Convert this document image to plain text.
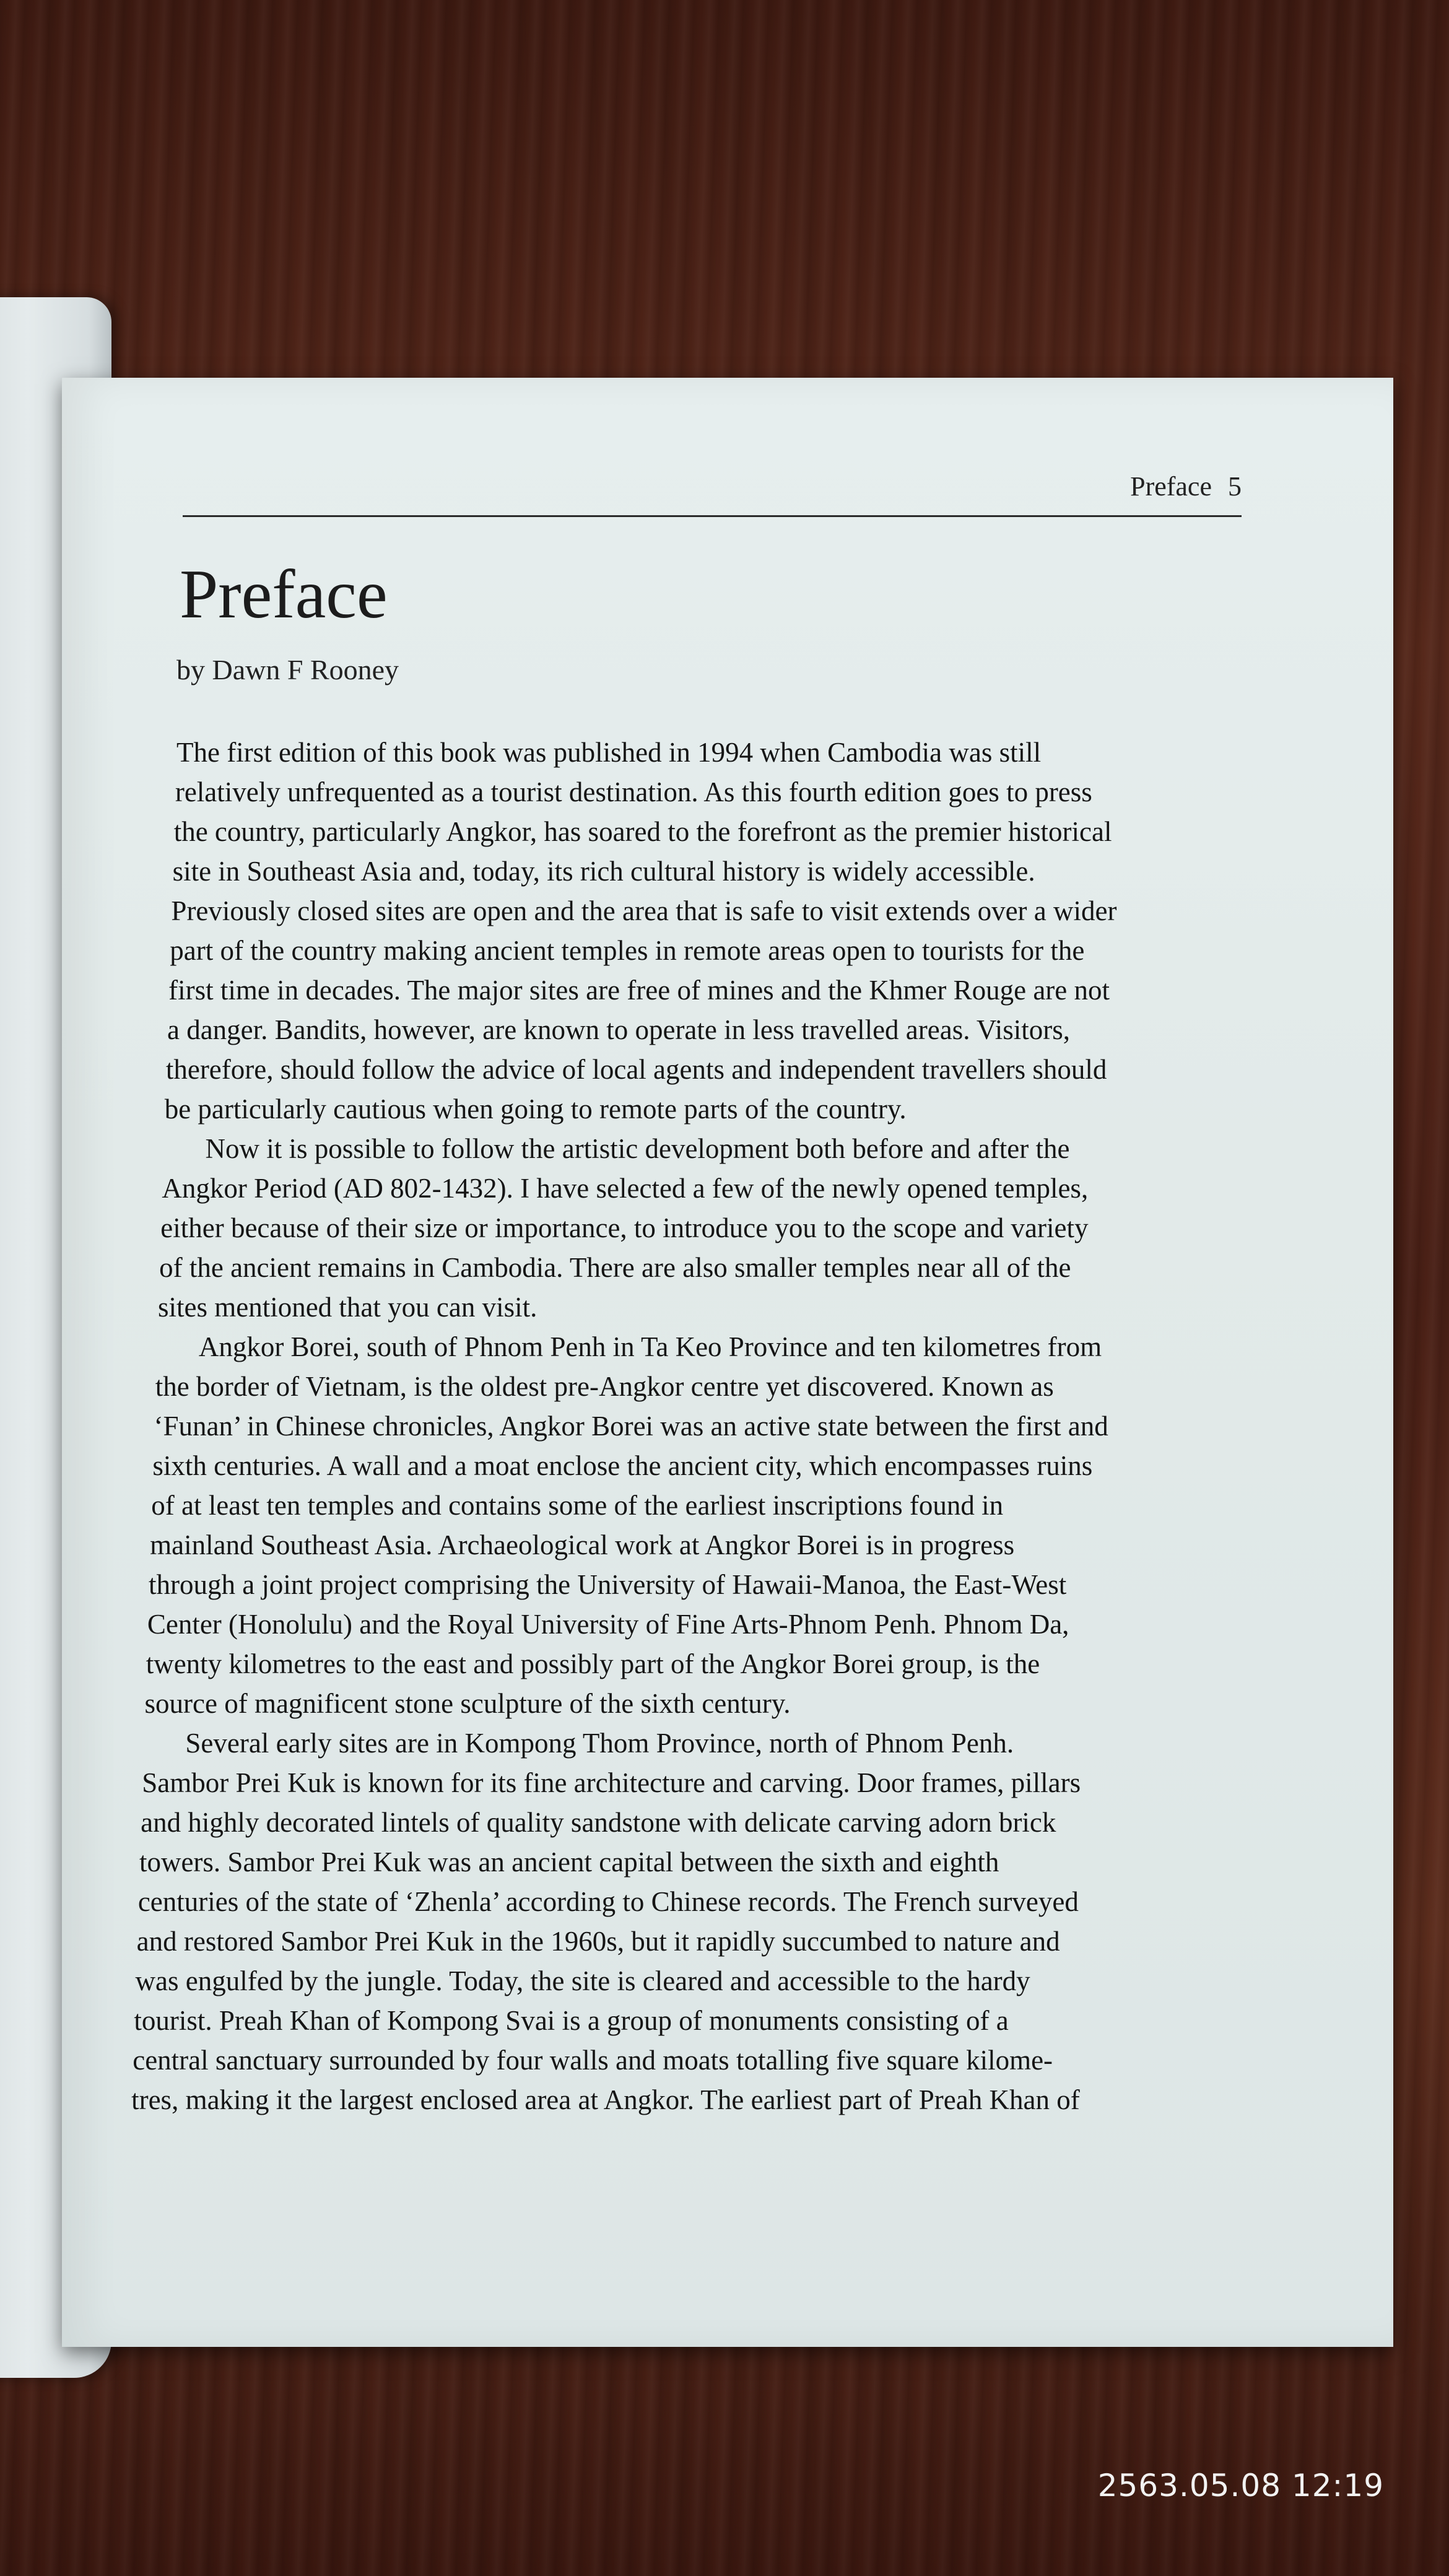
Preface 5
Preface

by Dawn F Rooney

The first edition of this book was published in 1994 when Cambodia was still
relatively unfrequented as a tourist destination. As this fourth edition goes to press
the country, particularly Angkor, has soared to the forefront as the premier historical
site in Southeast Asia and, today, its rich cultural history is widely accessible.
Previously closed sites are open and the area that is safe to visit extends over a wider
part of the country making ancient temples in remote areas open to tourists for the
first time in decades. The major sites are free of mines and the Khmer Rouge are not
a danger. Bandits, however, are known to operate in less travelled areas. Visitors,
therefore, should follow the advice of local agents and independent travellers should
be particularly cautious when going to remote parts of the country.
Now it is possible to follow the artistic development both before and after the
Angkor Period (AD 802-1432). I have selected a few of the newly opened temples,
either because of their size or importance, to introduce you to the scope and variety
of the ancient remains in Cambodia. There are also smaller temples near all of the
sites mentioned that you can visit.
Angkor Borei, south of Phnom Penh in Ta Keo Province and ten kilometres from
the border of Vietnam, is the oldest pre-Angkor centre yet discovered. Known as
‘Funan’ in Chinese chronicles, Angkor Borei was an active state between the first and
sixth centuries. A wall and a moat enclose the ancient city, which encompasses ruins
of at least ten temples and contains some of the earliest inscriptions found in
mainland Southeast Asia. Archaeological work at Angkor Borei is in progress
through a joint project comprising the University of Hawaii-Manoa, the East-West
Center (Honolulu) and the Royal University of Fine Arts-Phnom Penh. Phnom Da,
twenty kilometres to the east and possibly part of the Angkor Borei group, is the
source of magnificent stone sculpture of the sixth century.
Several early sites are in Kompong Thom Province, north of Phnom Penh.
Sambor Prei Kuk is known for its fine architecture and carving. Door frames, pillars
and highly decorated lintels of quality sandstone with delicate carving adorn brick
towers. Sambor Prei Kuk was an ancient capital between the sixth and eighth
centuries of the state of ‘Zhenla’ according to Chinese records. The French surveyed
and restored Sambor Prei Kuk in the 1960s, but it rapidly succumbed to nature and
was engulfed by the jungle. Today, the site is cleared and accessible to the hardy
tourist. Preah Khan of Kompong Svai is a group of monuments consisting of a
central sanctuary surrounded by four walls and moats totalling five square kilome-
tres, making it the largest enclosed area at Angkor. The earliest part of Preah Khan of
2563.05.08 12:19
